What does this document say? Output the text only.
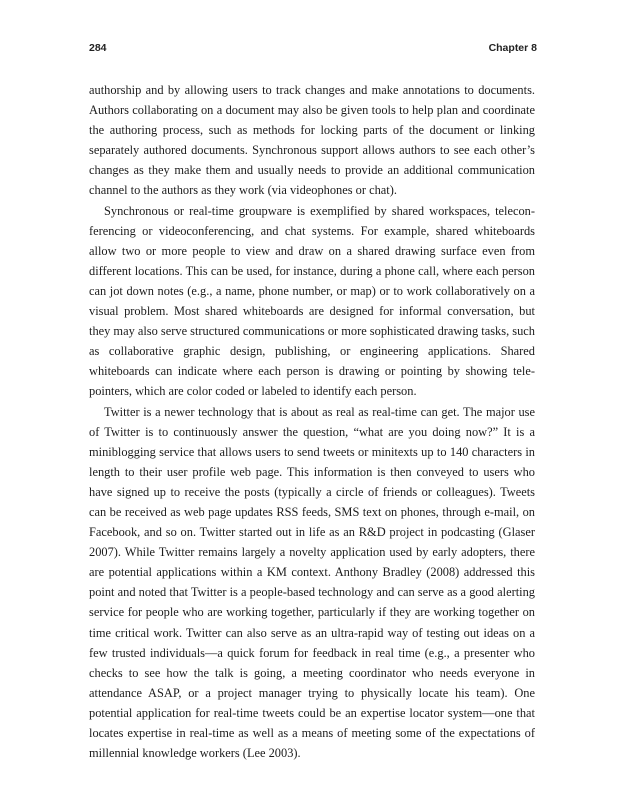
284	Chapter 8

authorship and by allowing users to track changes and make annotations to documents. Authors collaborating on a document may also be given tools to help plan and coordinate the authoring process, such as methods for locking parts of the document or linking separately authored documents. Synchronous support allows authors to see each other’s changes as they make them and usually needs to provide an additional communication channel to the authors as they work (via videophones or chat).

Synchronous or real-time groupware is exemplified by shared workspaces, teleconferencing or videoconferencing, and chat systems. For example, shared whiteboards allow two or more people to view and draw on a shared drawing surface even from different locations. This can be used, for instance, during a phone call, where each person can jot down notes (e.g., a name, phone number, or map) or to work collaboratively on a visual problem. Most shared whiteboards are designed for informal conversation, but they may also serve structured communications or more sophisticated drawing tasks, such as collaborative graphic design, publishing, or engineering applications. Shared whiteboards can indicate where each person is drawing or pointing by showing tele-pointers, which are color coded or labeled to identify each person.

Twitter is a newer technology that is about as real as real-time can get. The major use of Twitter is to continuously answer the question, “what are you doing now?” It is a miniblogging service that allows users to send tweets or minitexts up to 140 characters in length to their user profile web page. This information is then conveyed to users who have signed up to receive the posts (typically a circle of friends or colleagues). Tweets can be received as web page updates RSS feeds, SMS text on phones, through e-mail, on Facebook, and so on. Twitter started out in life as an R&D project in podcasting (Glaser 2007). While Twitter remains largely a novelty application used by early adopters, there are potential applications within a KM context. Anthony Bradley (2008) addressed this point and noted that Twitter is a people-based technology and can serve as a good alerting service for people who are working together, particularly if they are working together on time critical work. Twitter can also serve as an ultra-rapid way of testing out ideas on a few trusted individuals—a quick forum for feedback in real time (e.g., a presenter who checks to see how the talk is going, a meeting coordinator who needs everyone in attendance ASAP, or a project manager trying to physically locate his team). One potential application for real-time tweets could be an expertise locator system—one that locates expertise in real-time as well as a means of meeting some of the expectations of millennial knowledge workers (Lee 2003).
